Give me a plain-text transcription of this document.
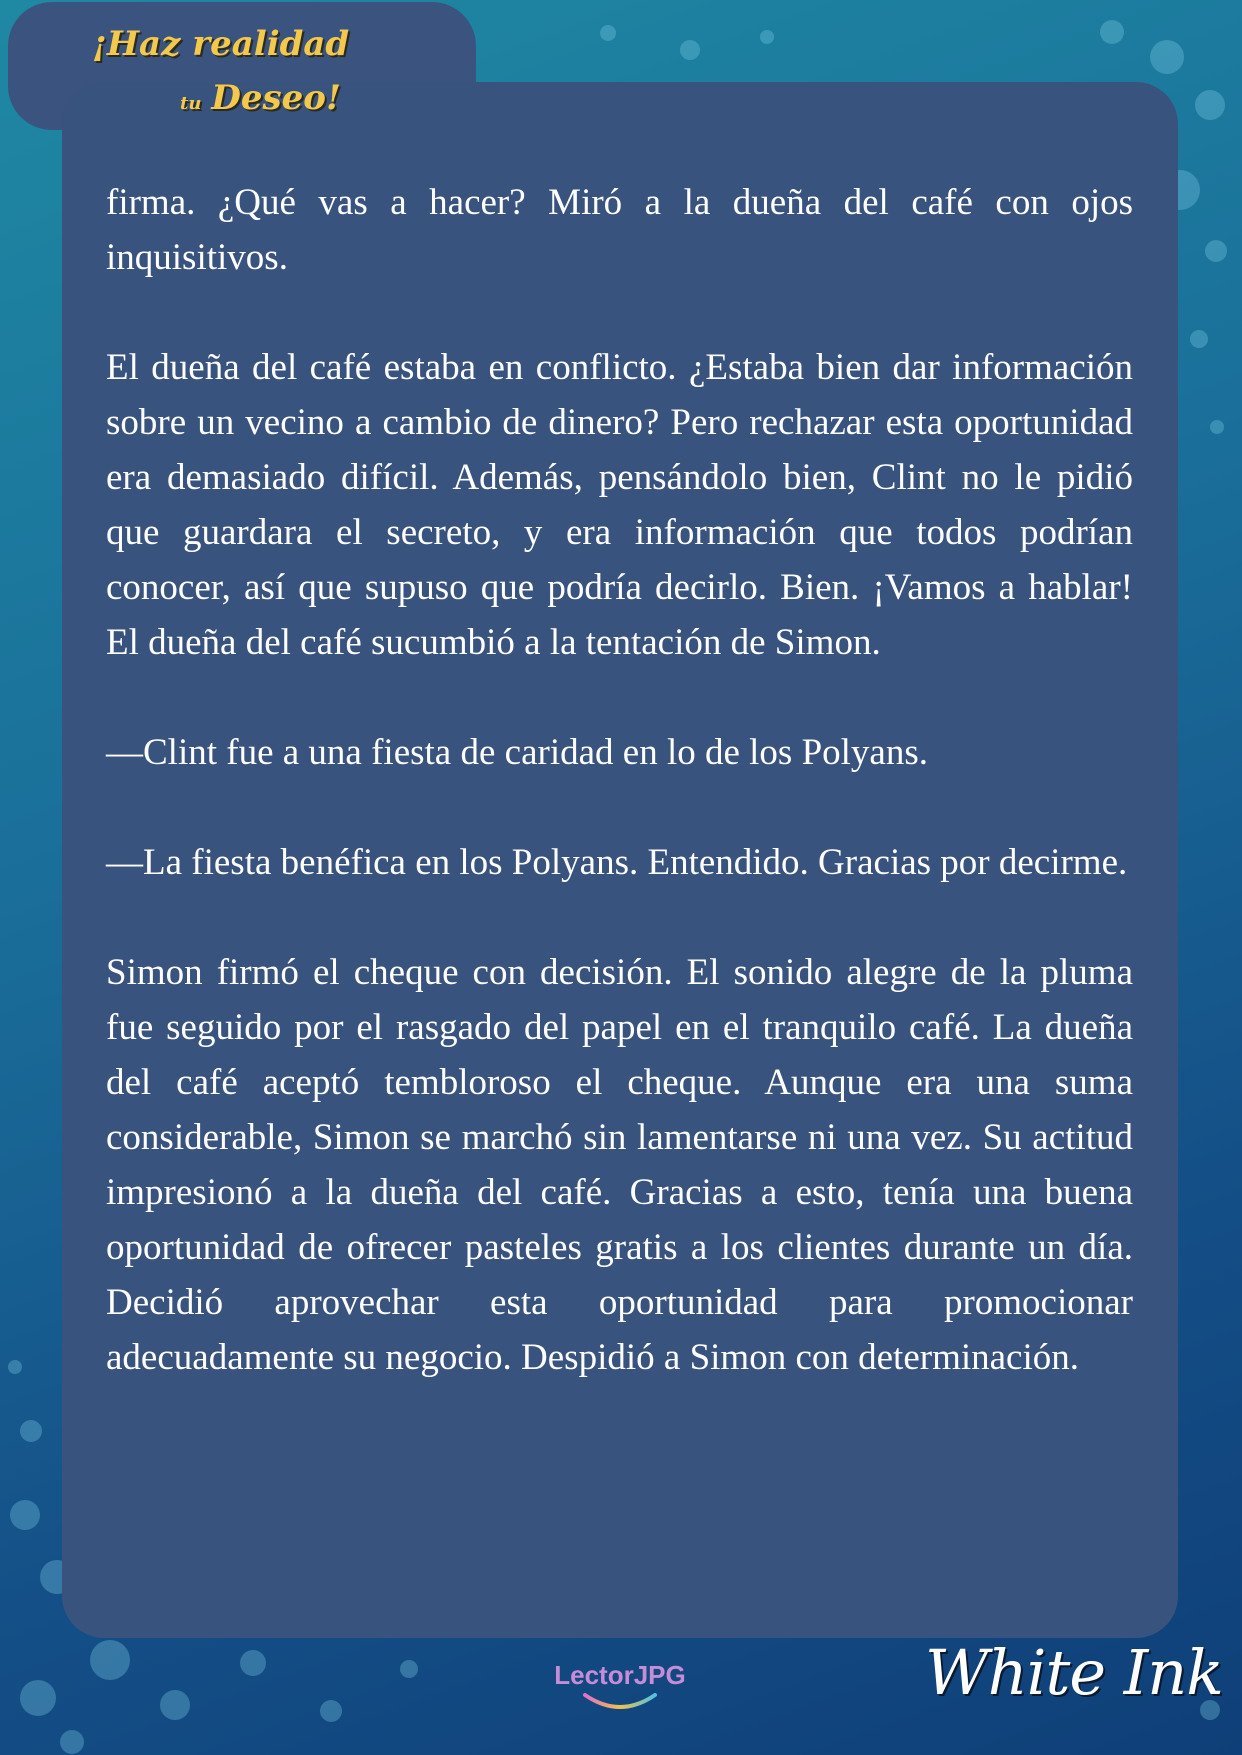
¡Haz realidad
tu Deseo!

firma. ¿Qué vas a hacer? Miró a la dueña del café con ojos inquisitivos.

El dueña del café estaba en conflicto. ¿Estaba bien dar información sobre un vecino a cambio de dinero? Pero rechazar esta oportunidad era demasiado difícil. Además, pensándolo bien, Clint no le pidió que guardara el secreto, y era información que todos podrían conocer, así que supuso que podría decirlo. Bien. ¡Vamos a hablar! El dueña del café sucumbió a la tentación de Simon.

—Clint fue a una fiesta de caridad en lo de los Polyans.

—La fiesta benéfica en los Polyans. Entendido. Gracias por decirme.

Simon firmó el cheque con decisión. El sonido alegre de la pluma fue seguido por el rasgado del papel en el tranquilo café. La dueña del café aceptó tembloroso el cheque. Aunque era una suma considerable, Simon se marchó sin lamentarse ni una vez. Su actitud impresionó a la dueña del café. Gracias a esto, tenía una buena oportunidad de ofrecer pasteles gratis a los clientes durante un día. Decidió aprovechar esta oportunidad para promocionar adecuadamente su negocio. Despidió a Simon con determinación.

LectorJPG	White Ink
